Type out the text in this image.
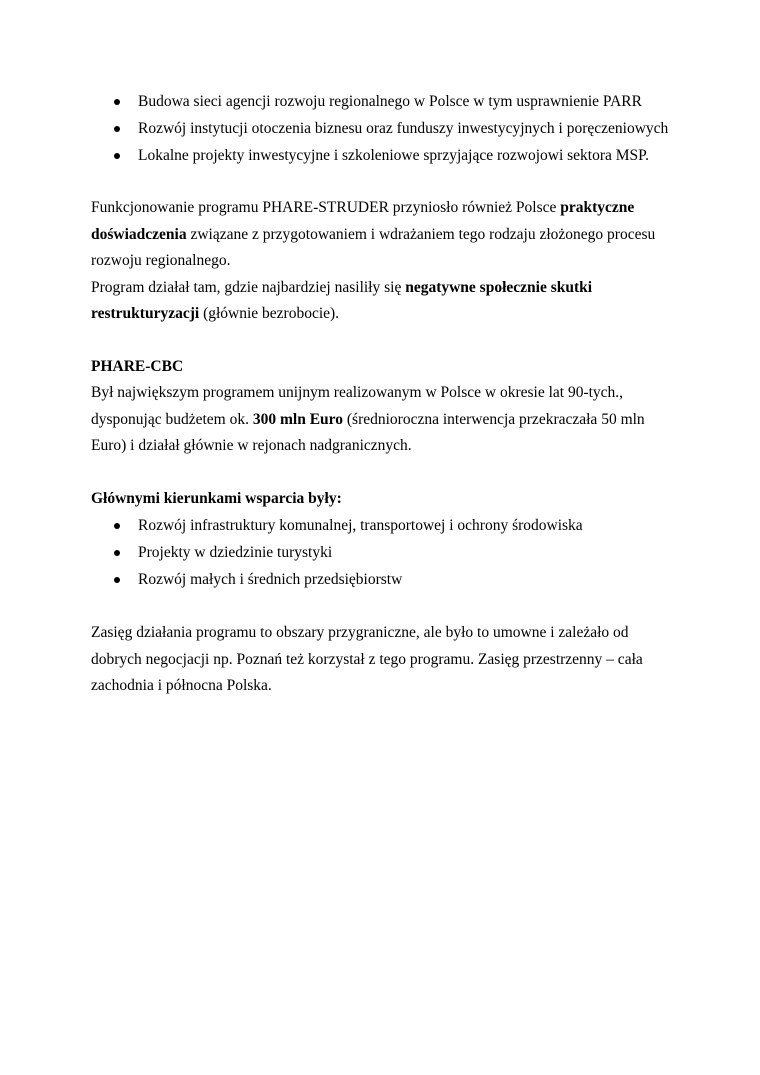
Budowa sieci agencji rozwoju regionalnego w Polsce w tym usprawnienie PARR
Rozwój instytucji otoczenia biznesu oraz funduszy inwestycyjnych i poręczeniowych
Lokalne projekty inwestycyjne i szkoleniowe sprzyjające rozwojowi sektora MSP.
Funkcjonowanie programu PHARE-STRUDER przyniosło również Polsce praktyczne
doświadczenia związane z przygotowaniem i wdrażaniem tego rodzaju złożonego procesu
rozwoju regionalnego.
Program działał tam, gdzie najbardziej nasiliły się negatywne społecznie skutki
restrukturyzacji (głównie bezrobocie).
PHARE-CBC
Był największym programem unijnym realizowanym w Polsce w okresie lat 90-tych.,
dysponując budżetem ok. 300 mln Euro (średnioroczna interwencja przekraczała 50 mln
Euro) i działał głównie w rejonach nadgranicznych.
Głównymi kierunkami wsparcia były:
Rozwój infrastruktury komunalnej, transportowej i ochrony środowiska
Projekty w dziedzinie turystyki
Rozwój małych i średnich przedsiębiorstw
Zasięg działania programu to obszary przygraniczne, ale było to umowne i zależało od
dobrych negocjacji np. Poznań też korzystał z tego programu. Zasięg przestrzenny – cała
zachodnia i północna Polska.
